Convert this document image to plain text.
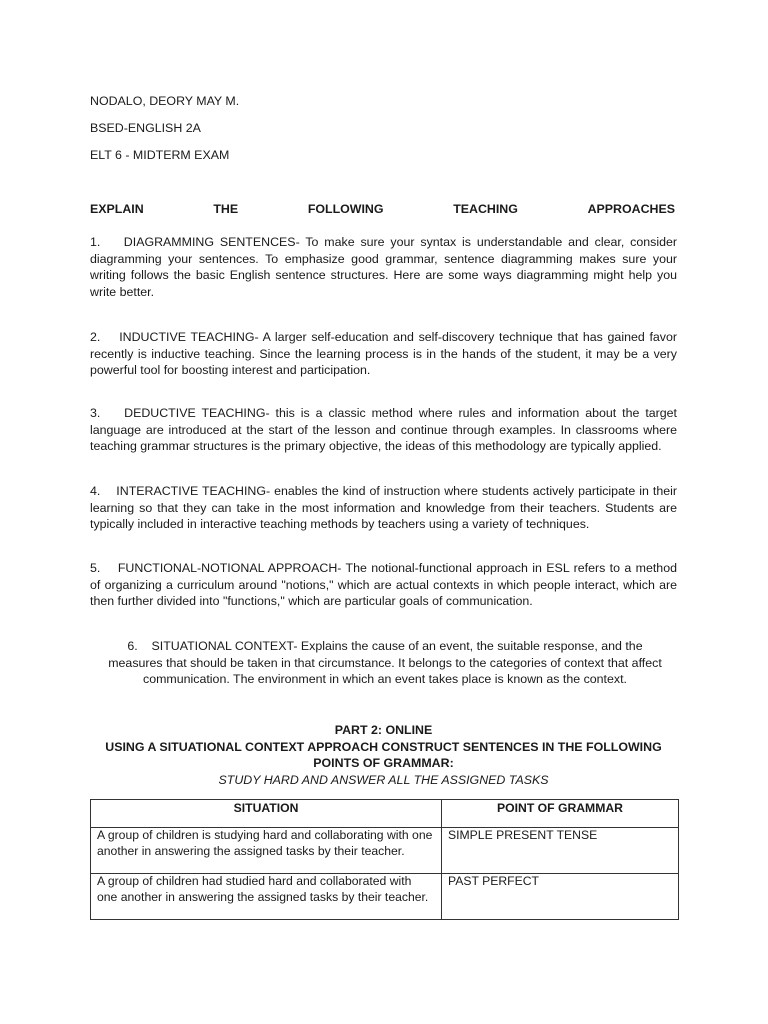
NODALO, DEORY MAY M.
BSED-ENGLISH 2A
ELT 6 - MIDTERM EXAM
EXPLAIN	THE	FOLLOWING	TEACHING	APPROACHES
1. DIAGRAMMING SENTENCES- To make sure your syntax is understandable and clear, consider diagramming your sentences. To emphasize good grammar, sentence diagramming makes sure your writing follows the basic English sentence structures. Here are some ways diagramming might help you write better.
2. INDUCTIVE TEACHING- A larger self-education and self-discovery technique that has gained favor recently is inductive teaching. Since the learning process is in the hands of the student, it may be a very powerful tool for boosting interest and participation.
3. DEDUCTIVE TEACHING- this is a classic method where rules and information about the target language are introduced at the start of the lesson and continue through examples. In classrooms where teaching grammar structures is the primary objective, the ideas of this methodology are typically applied.
4. INTERACTIVE TEACHING- enables the kind of instruction where students actively participate in their learning so that they can take in the most information and knowledge from their teachers. Students are typically included in interactive teaching methods by teachers using a variety of techniques.
5. FUNCTIONAL-NOTIONAL APPROACH- The notional-functional approach in ESL refers to a method of organizing a curriculum around "notions," which are actual contexts in which people interact, which are then further divided into "functions," which are particular goals of communication.
6. SITUATIONAL CONTEXT- Explains the cause of an event, the suitable response, and the measures that should be taken in that circumstance. It belongs to the categories of context that affect communication. The environment in which an event takes place is known as the context.
PART 2: ONLINE
USING A SITUATIONAL CONTEXT APPROACH CONSTRUCT SENTENCES IN THE FOLLOWING POINTS OF GRAMMAR:
STUDY HARD AND ANSWER ALL THE ASSIGNED TASKS
SITUATION	POINT OF GRAMMAR
A group of children is studying hard and collaborating with one another in answering the assigned tasks by their teacher.	SIMPLE PRESENT TENSE
A group of children had studied hard and collaborated with one another in answering the assigned tasks by their teacher.	PAST PERFECT
